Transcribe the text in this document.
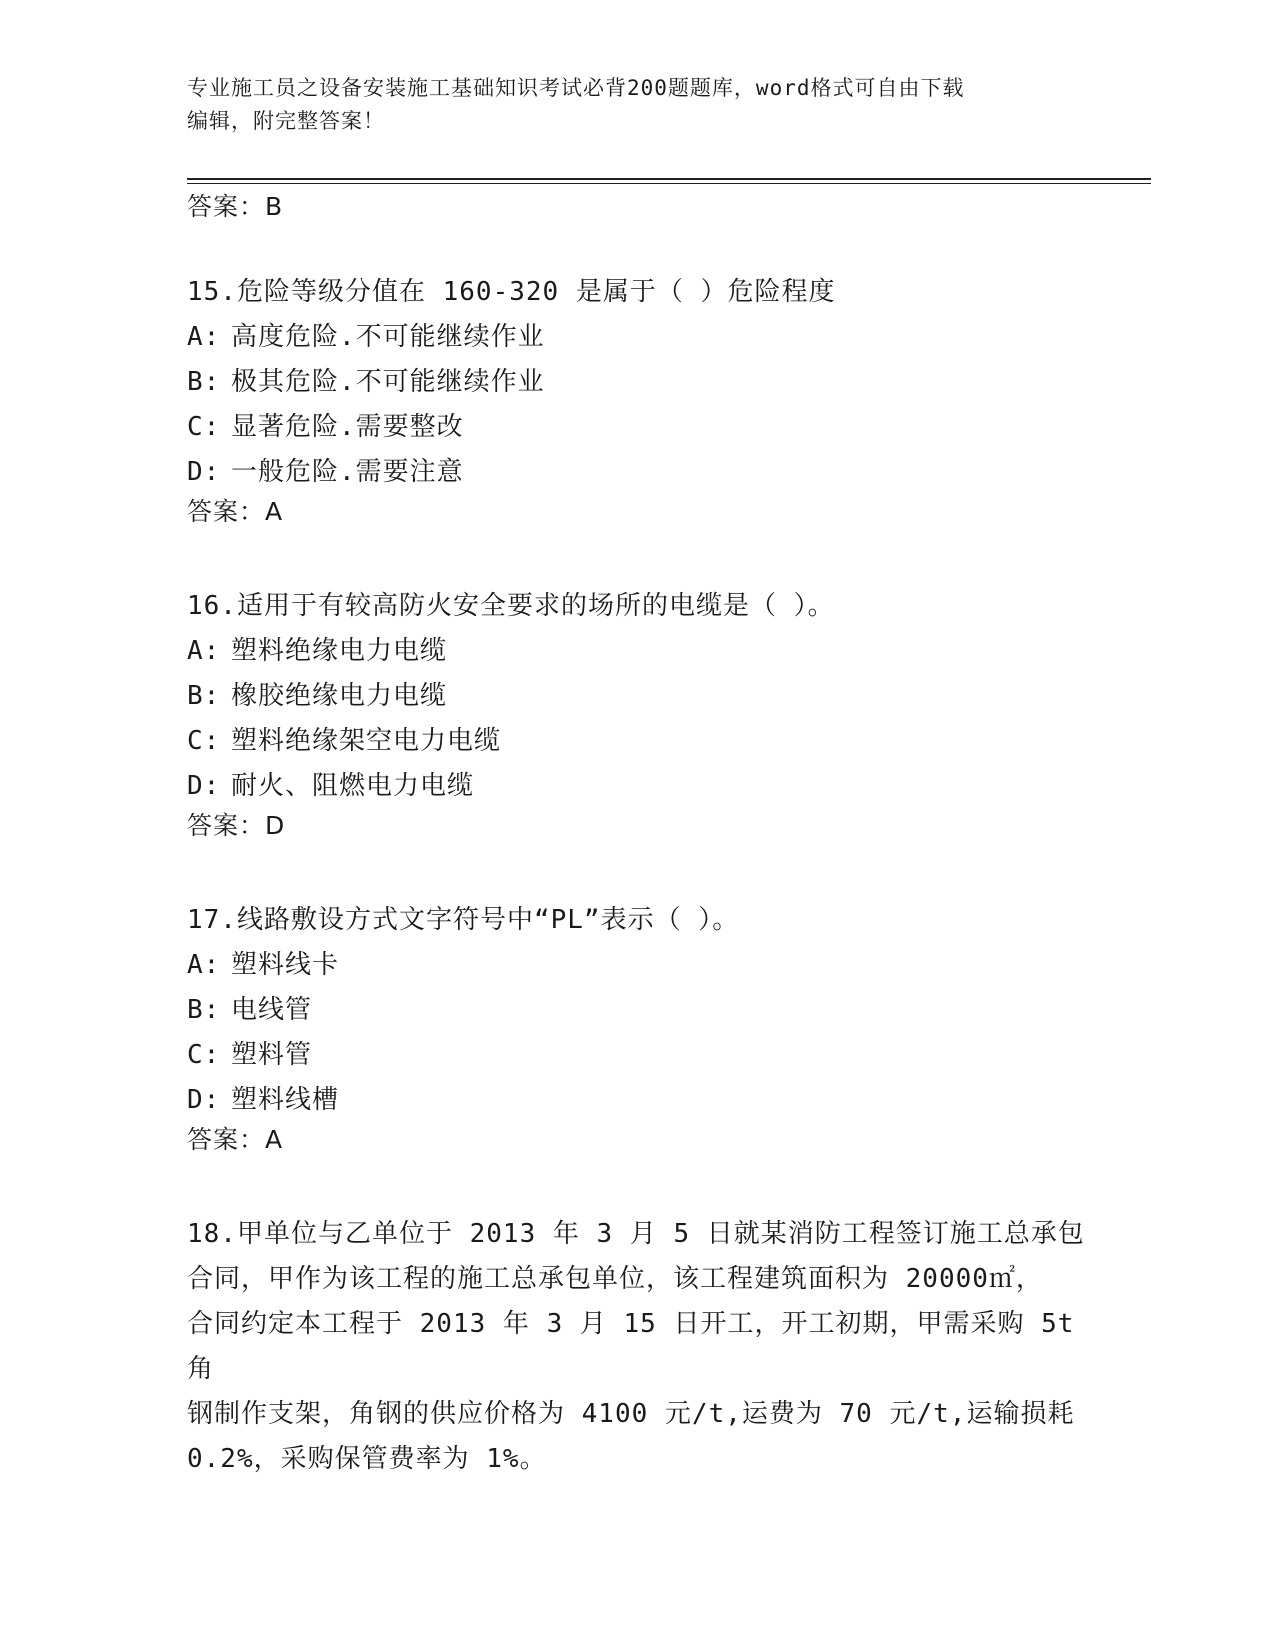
专业施工员之设备安装施工基础知识考试必背200题题库，word格式可自由下载
编辑，附完整答案！

答案：B

15.危险等级分值在 160-320 是属于（ ）危险程度

A: 高度危险.不可能继续作业

B: 极其危险.不可能继续作业

C: 显著危险.需要整改

D: 一般危险.需要注意

答案：A

16.适用于有较高防火安全要求的场所的电缆是（ ）。

A: 塑料绝缘电力电缆

B: 橡胶绝缘电力电缆

C: 塑料绝缘架空电力电缆

D: 耐火、阻燃电力电缆

答案：D

17.线路敷设方式文字符号中“PL”表示（ ）。

A: 塑料线卡

B: 电线管

C: 塑料管

D: 塑料线槽

答案：A

18.甲单位与乙单位于 2013 年 3 月 5 日就某消防工程签订施工总承包

合同，甲作为该工程的施工总承包单位，该工程建筑面积为 20000㎡，

合同约定本工程于 2013 年 3 月 15 日开工，开工初期，甲需采购 5t 角

钢制作支架，角钢的供应价格为 4100 元/t,运费为 70 元/t,运输损耗

0.2%，采购保管费率为 1%。
